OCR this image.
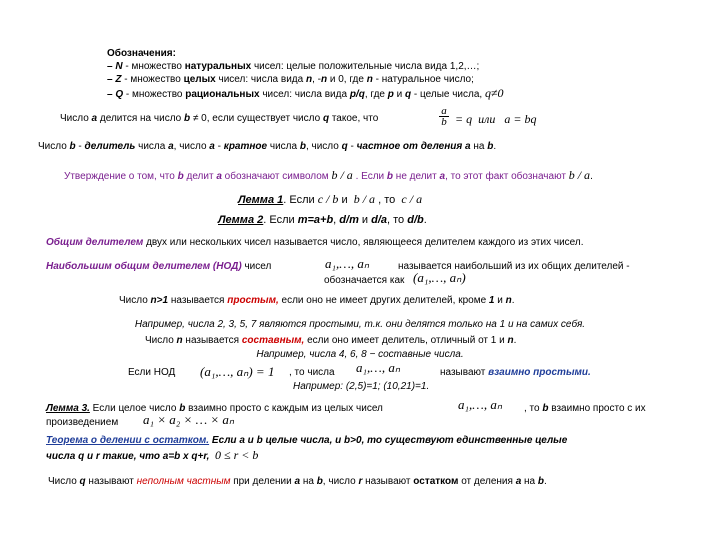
Обозначения:
– N - множество натуральных чисел: целые положительные числа вида 1,2,…;
– Z - множество целых чисел: числа вида n, -n и 0, где n - натуральное число;
– Q - множество рациональных чисел: числа вида p/q, где p и q - целые числа, q≠0
Число a делится на число b ≠ 0, если существует число q такое, что
a
b = q или a = bq
Число b - делитель числа a, число a - кратное числа b, число q - частное от деления a на b.
Утверждение о том, что b делит a обозначают символом b / a . Если b не делит a, то этот факт обозначают b / a.
Лемма 1. Если c / b и b / a , то c / a
Лемма 2. Если m=a+b, d/m и d/a, то d/b.
Общим делителем двух или нескольких чисел называется число, являющееся делителем каждого из этих чисел.
Наибольшим общим делителем (НОД) чисел	a₁,…, aₙ	называется наибольший из их общих делителей -
обозначается как (a₁,…, aₙ)
Число n>1 называется простым, если оно не имеет других делителей, кроме 1 и n.
Например, числа 2, 3, 5, 7 являются простыми, т.к. они делятся только на 1 и на самих себя.
Число n называется составным, если оно имеет делитель, отличный от 1 и n.
Например, числа 4, 6, 8 − составные числа.
Если НОД (a₁,…, aₙ) = 1 , то числа a₁,…, aₙ	называют взаимно простыми.
Например: (2,5)=1; (10,21)=1.
Лемма 3. Если целое число b взаимно просто с каждым из целых чисел	a₁,…, aₙ , то b взаимно просто с их
произведением a₁ × a₂ × … × aₙ
Теорема о делении с остатком. Если a и b целые числа, и b>0, то существуют единственные целые
числа q и r такие, что a=b x q+r, 0 ≤ r < b
Число q называют неполным частным при делении a на b, число r называют остатком от деления a на b.
